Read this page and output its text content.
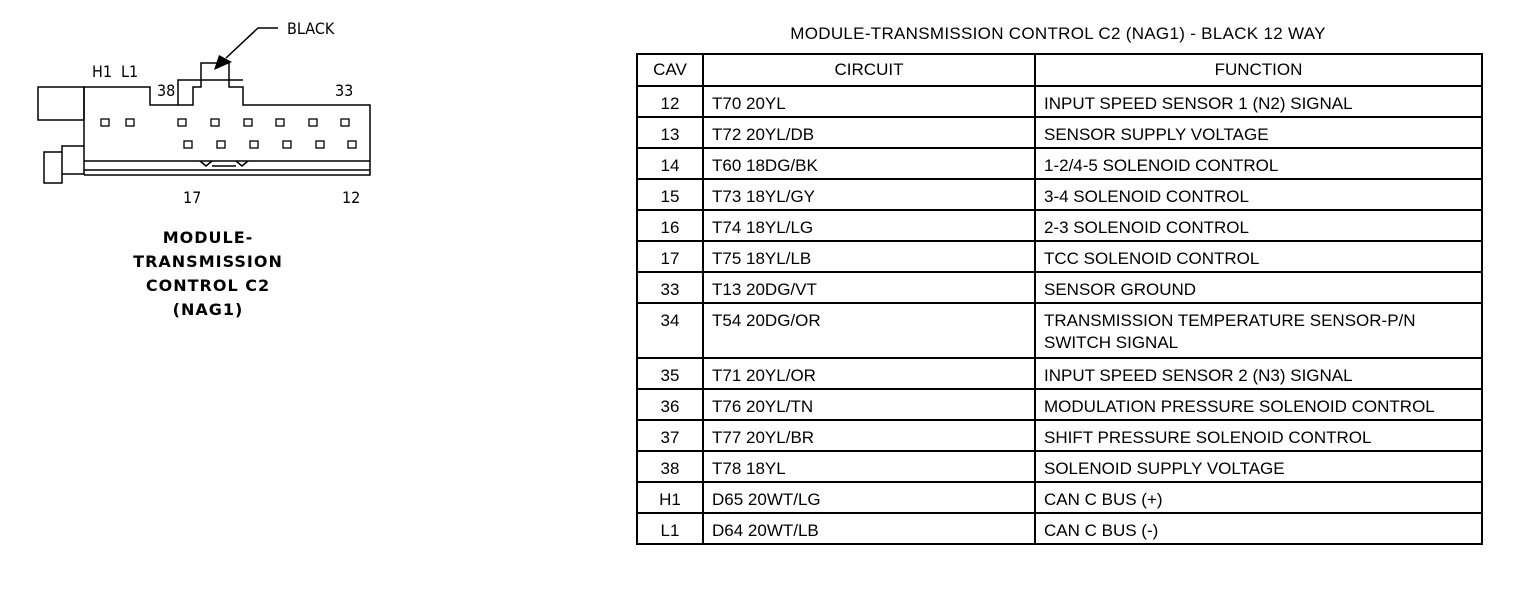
BLACK
H1 L1
38	33
17	12
MODULE-
TRANSMISSION
CONTROL C2
(NAG1)
MODULE-TRANSMISSION CONTROL C2 (NAG1) - BLACK 12 WAY
CAV	CIRCUIT	FUNCTION
12	T70 20YL	INPUT SPEED SENSOR 1 (N2) SIGNAL
13	T72 20YL/DB	SENSOR SUPPLY VOLTAGE
14	T60 18DG/BK	1-2/4-5 SOLENOID CONTROL
15	T73 18YL/GY	3-4 SOLENOID CONTROL
16	T74 18YL/LG	2-3 SOLENOID CONTROL
17	T75 18YL/LB	TCC SOLENOID CONTROL
33	T13 20DG/VT	SENSOR GROUND
34	T54 20DG/OR	TRANSMISSION TEMPERATURE SENSOR-P/N
SWITCH SIGNAL
35	T71 20YL/OR	INPUT SPEED SENSOR 2 (N3) SIGNAL
36	T76 20YL/TN	MODULATION PRESSURE SOLENOID CONTROL
37	T77 20YL/BR	SHIFT PRESSURE SOLENOID CONTROL
38	T78 18YL	SOLENOID SUPPLY VOLTAGE
H1	D65 20WT/LG	CAN C BUS (+)
L1	D64 20WT/LB	CAN C BUS (-)
